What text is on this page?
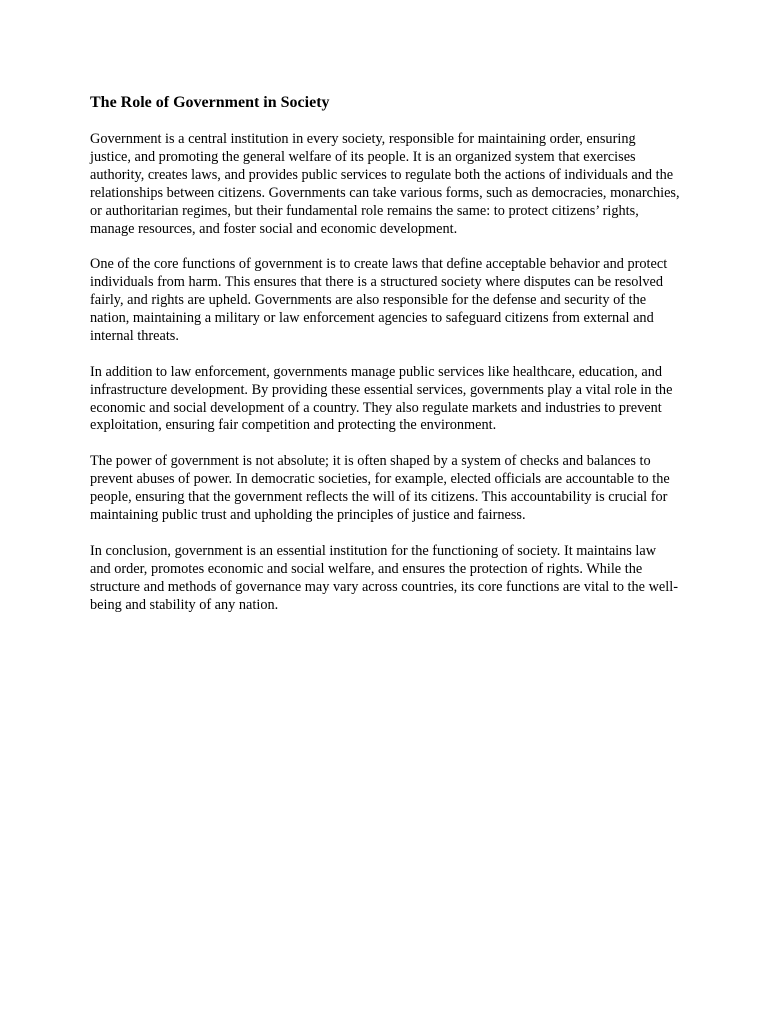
The Role of Government in Society

Government is a central institution in every society, responsible for maintaining order, ensuring justice, and promoting the general welfare of its people. It is an organized system that exercises authority, creates laws, and provides public services to regulate both the actions of individuals and the relationships between citizens. Governments can take various forms, such as democracies, monarchies, or authoritarian regimes, but their fundamental role remains the same: to protect citizens’ rights, manage resources, and foster social and economic development.

One of the core functions of government is to create laws that define acceptable behavior and protect individuals from harm. This ensures that there is a structured society where disputes can be resolved fairly, and rights are upheld. Governments are also responsible for the defense and security of the nation, maintaining a military or law enforcement agencies to safeguard citizens from external and internal threats.

In addition to law enforcement, governments manage public services like healthcare, education, and infrastructure development. By providing these essential services, governments play a vital role in the economic and social development of a country. They also regulate markets and industries to prevent exploitation, ensuring fair competition and protecting the environment.

The power of government is not absolute; it is often shaped by a system of checks and balances to prevent abuses of power. In democratic societies, for example, elected officials are accountable to the people, ensuring that the government reflects the will of its citizens. This accountability is crucial for maintaining public trust and upholding the principles of justice and fairness.

In conclusion, government is an essential institution for the functioning of society. It maintains law and order, promotes economic and social welfare, and ensures the protection of rights. While the structure and methods of governance may vary across countries, its core functions are vital to the well-being and stability of any nation.
